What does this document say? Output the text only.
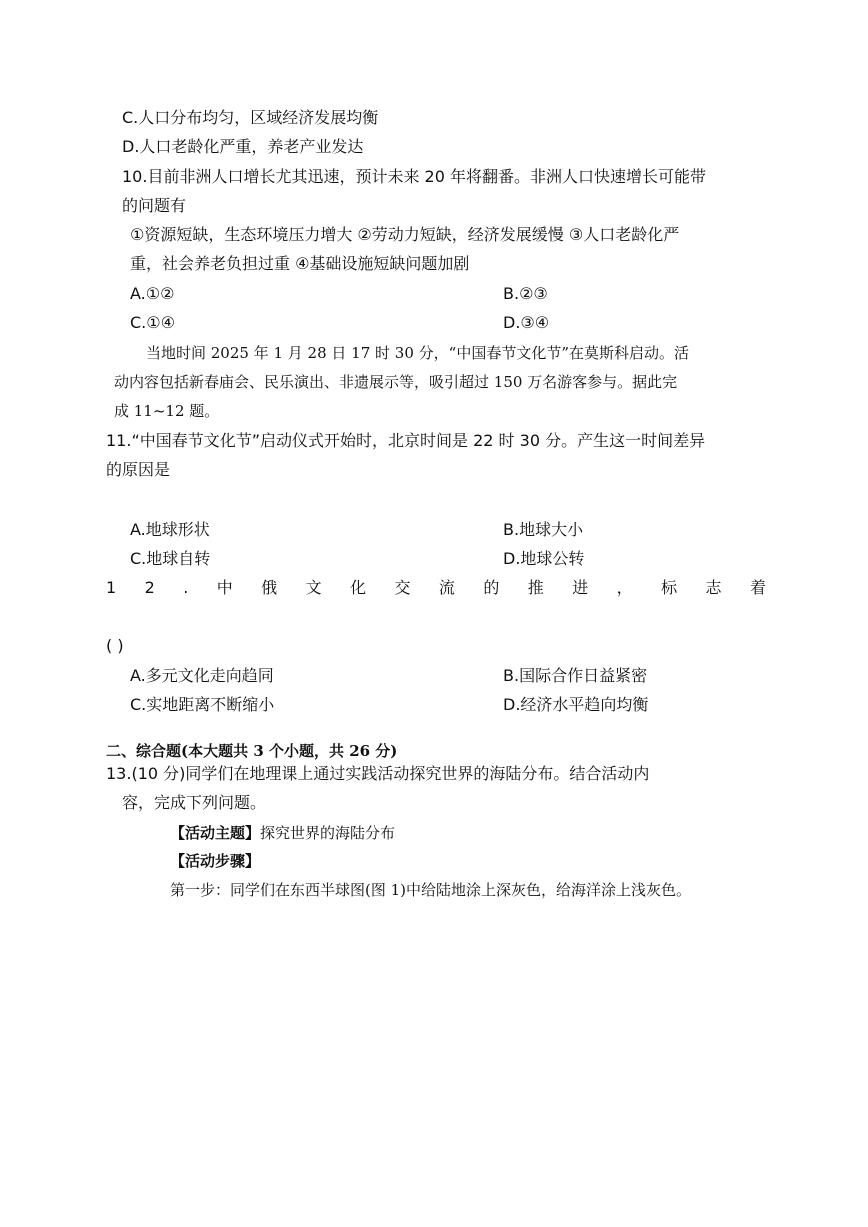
C.人口分布均匀，区域经济发展均衡
D.人口老龄化严重，养老产业发达
10.目前非洲人口增长尤其迅速，预计未来 20 年将翻番。非洲人口快速增长可能带
的问题有
①资源短缺，生态环境压力增大 ②劳动力短缺，经济发展缓慢 ③人口老龄化严
重，社会养老负担过重 ④基础设施短缺问题加剧
A.①②	B.②③
C.①④	D.③④
当地时间 2025 年 1 月 28 日 17 时 30 分，“中国春节文化节”在莫斯科启动。活
动内容包括新春庙会、民乐演出、非遗展示等，吸引超过 150 万名游客参与。据此完
成 11~12 题。
11.“中国春节文化节”启动仪式开始时，北京时间是 22 时 30 分。产生这一时间差异
的原因是
A.地球形状	B.地球大小
C.地球自转	D.地球公转
1 2 . 中 俄 文 化 交 流 的 推 进 ， 标 志 着
( )
A.多元文化走向趋同	B.国际合作日益紧密
C.实地距离不断缩小	D.经济水平趋向均衡
二、综合题(本大题共 3 个小题，共 26 分)
13.(10 分)同学们在地理课上通过实践活动探究世界的海陆分布。结合活动内
容，完成下列问题。
【活动主题】探究世界的海陆分布
【活动步骤】
第一步：同学们在东西半球图(图 1)中给陆地涂上深灰色，给海洋涂上浅灰色。
